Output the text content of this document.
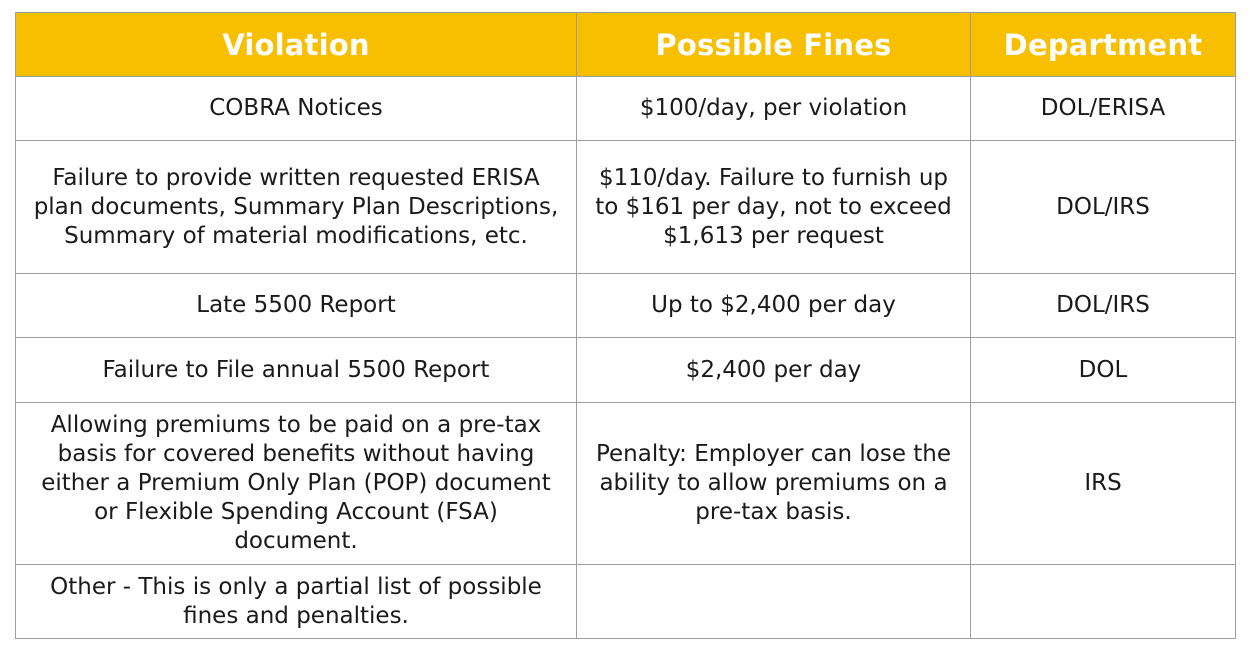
Violation	Possible Fines	Department
COBRA Notices	$100/day, per violation	DOL/ERISA
Failure to provide written requested ERISA plan documents, Summary Plan Descriptions, Summary of material modifications, etc.	$110/day. Failure to furnish up to $161 per day, not to exceed $1,613 per request	DOL/IRS
Late 5500 Report	Up to $2,400 per day	DOL/IRS
Failure to File annual 5500 Report	$2,400 per day	DOL
Allowing premiums to be paid on a pre-tax basis for covered benefits without having either a Premium Only Plan (POP) document or Flexible Spending Account (FSA) document.	Penalty: Employer can lose the ability to allow premiums on a pre-tax basis.	IRS
Other - This is only a partial list of possible fines and penalties.		
